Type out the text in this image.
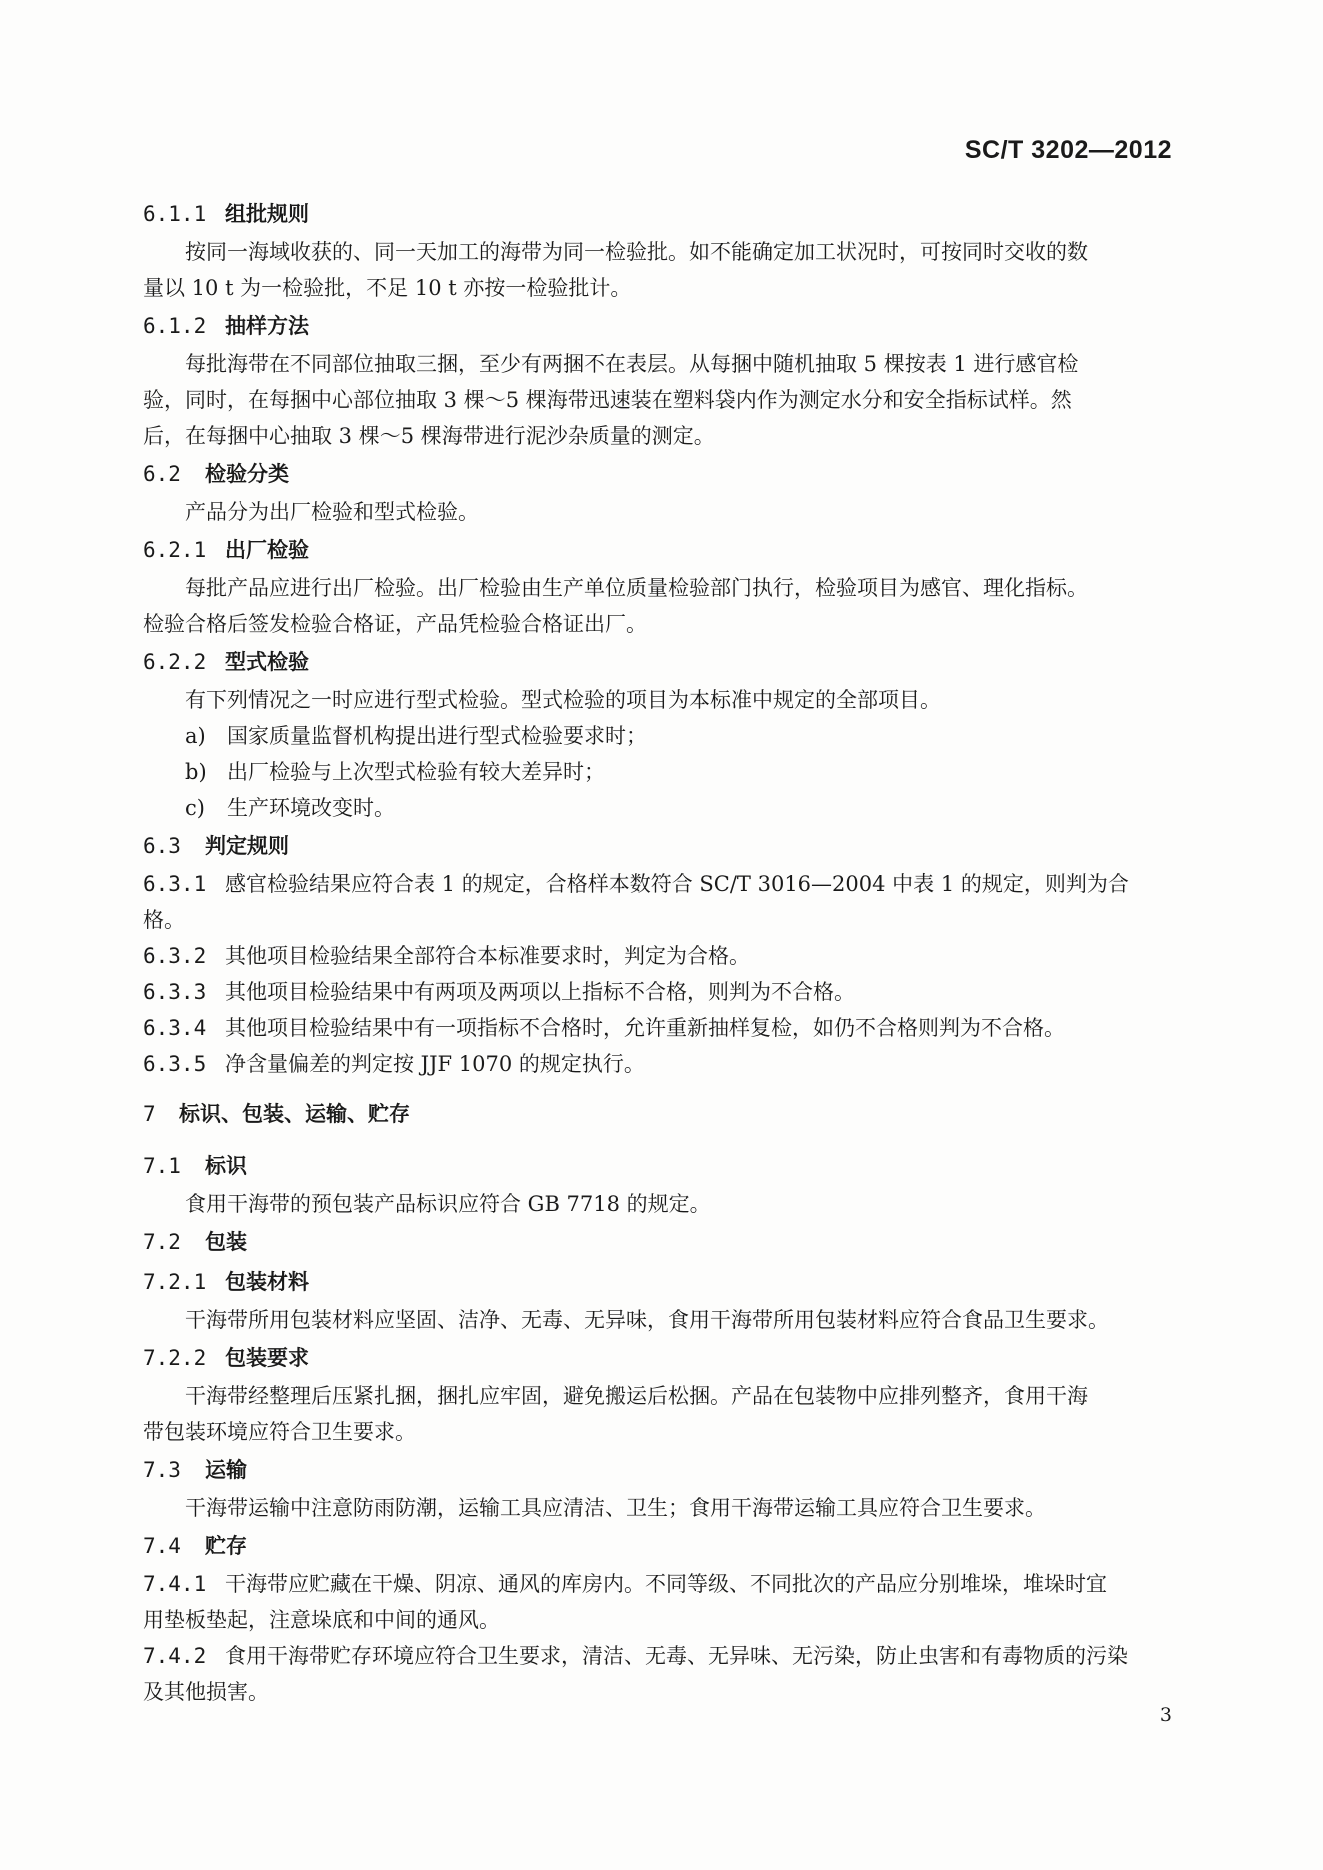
SC/T 3202—2012
6.1.1 组批规则
按同一海域收获的、同一天加工的海带为同一检验批。如不能确定加工状况时，可按同时交收的数
量以 10 t 为一检验批，不足 10 t 亦按一检验批计。
6.1.2 抽样方法
每批海带在不同部位抽取三捆，至少有两捆不在表层。从每捆中随机抽取 5 棵按表 1 进行感官检
验，同时，在每捆中心部位抽取 3 棵～5 棵海带迅速装在塑料袋内作为测定水分和安全指标试样。然
后，在每捆中心抽取 3 棵～5 棵海带进行泥沙杂质量的测定。
6.2 检验分类
产品分为出厂检验和型式检验。
6.2.1 出厂检验
每批产品应进行出厂检验。出厂检验由生产单位质量检验部门执行，检验项目为感官、理化指标。
检验合格后签发检验合格证，产品凭检验合格证出厂。
6.2.2 型式检验
有下列情况之一时应进行型式检验。型式检验的项目为本标准中规定的全部项目。
a) 国家质量监督机构提出进行型式检验要求时；
b) 出厂检验与上次型式检验有较大差异时；
c) 生产环境改变时。
6.3 判定规则
6.3.1 感官检验结果应符合表 1 的规定，合格样本数符合 SC/T 3016—2004 中表 1 的规定，则判为合
格。
6.3.2 其他项目检验结果全部符合本标准要求时，判定为合格。
6.3.3 其他项目检验结果中有两项及两项以上指标不合格，则判为不合格。
6.3.4 其他项目检验结果中有一项指标不合格时，允许重新抽样复检，如仍不合格则判为不合格。
6.3.5 净含量偏差的判定按 JJF 1070 的规定执行。
7 标识、包装、运输、贮存
7.1 标识
食用干海带的预包装产品标识应符合 GB 7718 的规定。
7.2 包装
7.2.1 包装材料
干海带所用包装材料应坚固、洁净、无毒、无异味，食用干海带所用包装材料应符合食品卫生要求。
7.2.2 包装要求
干海带经整理后压紧扎捆，捆扎应牢固，避免搬运后松捆。产品在包装物中应排列整齐，食用干海
带包装环境应符合卫生要求。
7.3 运输
干海带运输中注意防雨防潮，运输工具应清洁、卫生；食用干海带运输工具应符合卫生要求。
7.4 贮存
7.4.1 干海带应贮藏在干燥、阴凉、通风的库房内。不同等级、不同批次的产品应分别堆垛，堆垛时宜
用垫板垫起，注意垛底和中间的通风。
7.4.2 食用干海带贮存环境应符合卫生要求，清洁、无毒、无异味、无污染，防止虫害和有毒物质的污染
及其他损害。
3
